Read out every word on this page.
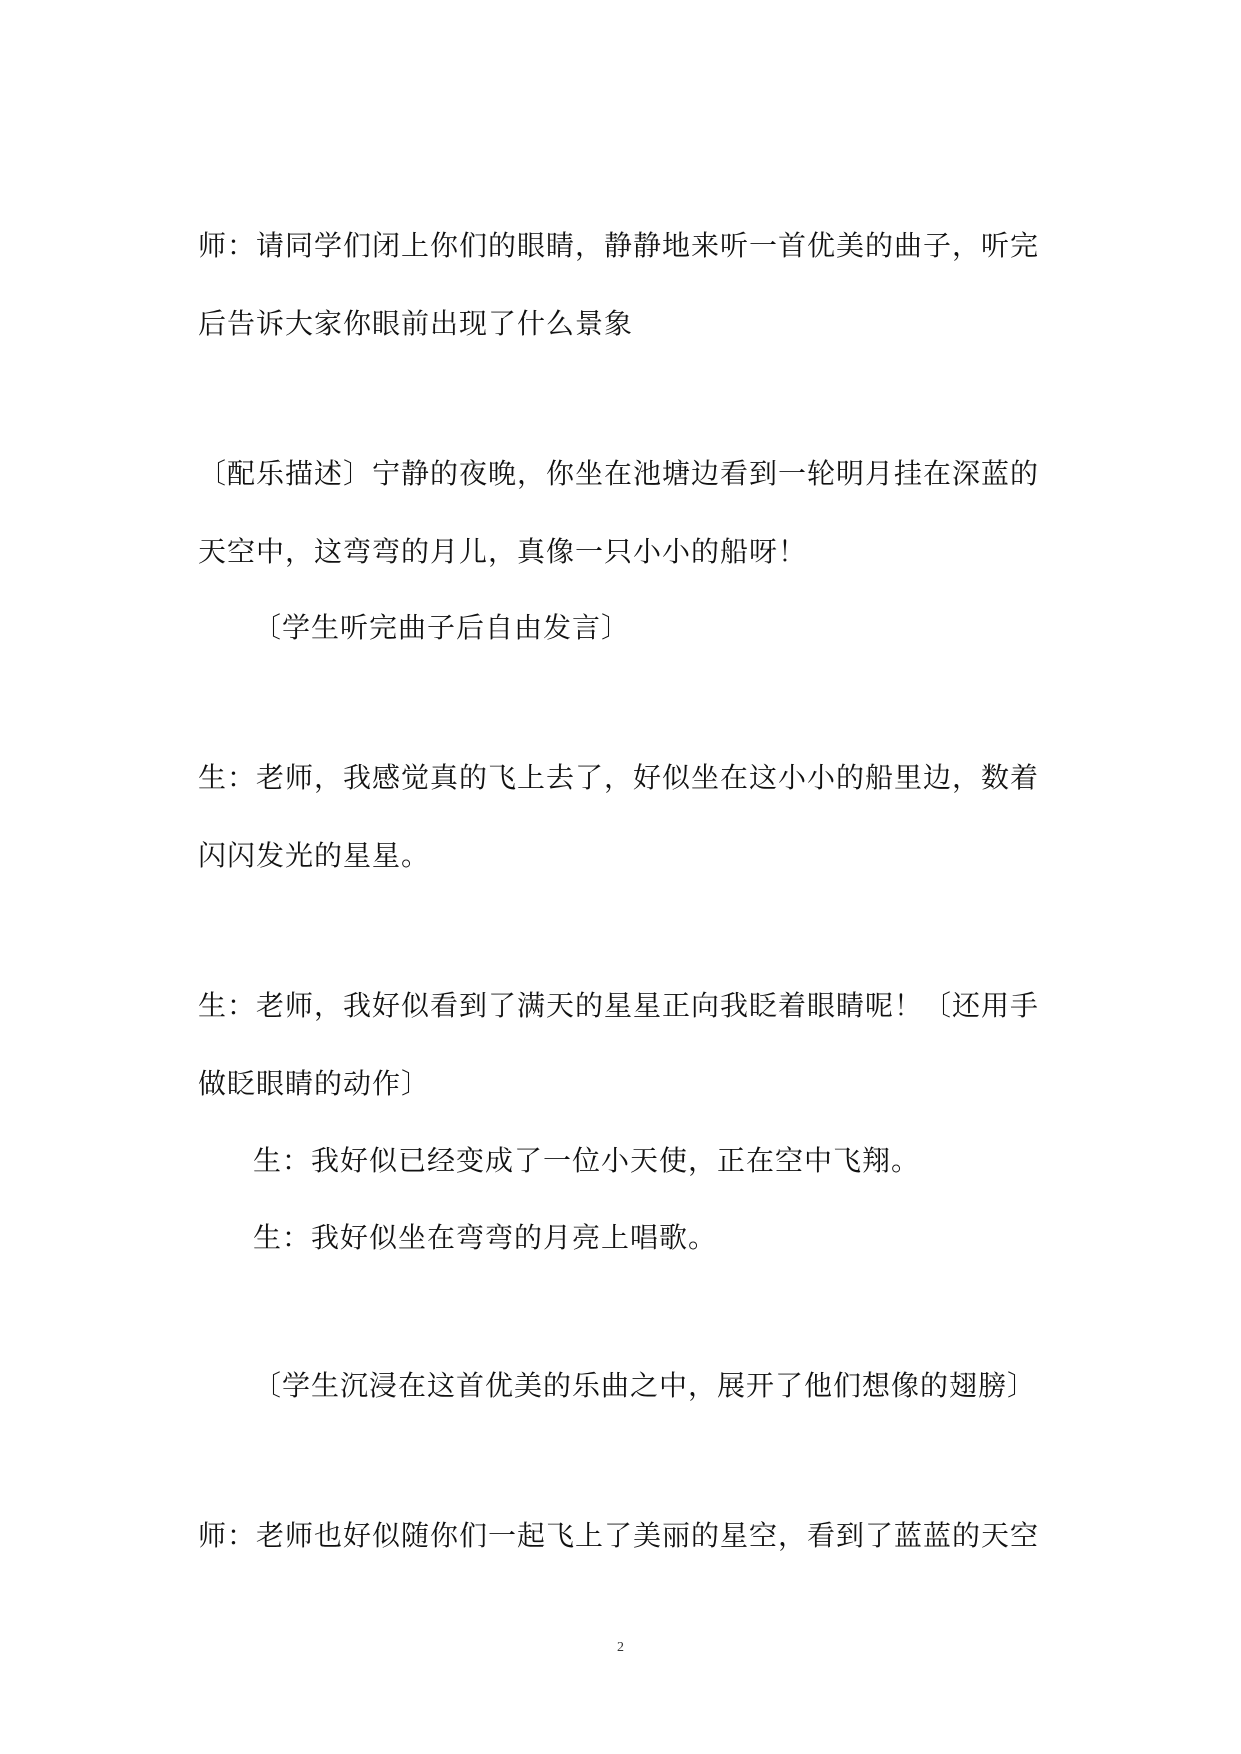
师：请同学们闭上你们的眼睛，静静地来听一首优美的曲子，听完
后告诉大家你眼前出现了什么景象
〔配乐描述〕宁静的夜晚，你坐在池塘边看到一轮明月挂在深蓝的
天空中，这弯弯的月儿，真像一只小小的船呀！
〔学生听完曲子后自由发言〕
生：老师，我感觉真的飞上去了，好似坐在这小小的船里边，数着
闪闪发光的星星。
生：老师，我好似看到了满天的星星正向我眨着眼睛呢！〔还用手
做眨眼睛的动作〕
生：我好似已经变成了一位小天使，正在空中飞翔。
生：我好似坐在弯弯的月亮上唱歌。
〔学生沉浸在这首优美的乐曲之中，展开了他们想像的翅膀〕
师：老师也好似随你们一起飞上了美丽的星空，看到了蓝蓝的天空
2
